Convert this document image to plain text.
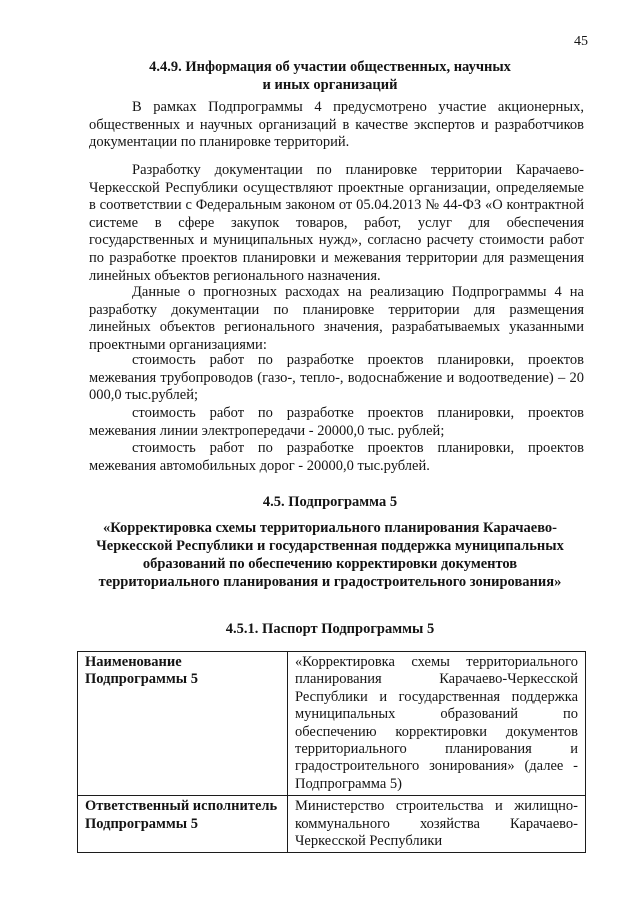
45
4.4.9. Информация об участии общественных, научных
и иных организаций

В рамках Подпрограммы 4 предусмотрено участие акционерных, общественных и научных организаций в качестве экспертов и разработчиков документации по планировке территорий.

Разработку документации по планировке территории Карачаево-Черкесской Республики осуществляют проектные организации, определяемые в соответствии с Федеральным законом от 05.04.2013 № 44-ФЗ «О контрактной системе в сфере закупок товаров, работ, услуг для обеспечения государственных и муниципальных нужд», согласно расчету стоимости работ по разработке проектов планировки и межевания территории для размещения линейных объектов регионального назначения.

Данные о прогнозных расходах на реализацию Подпрограммы 4 на разработку документации по планировке территории для размещения линейных объектов регионального значения, разрабатываемых указанными проектными организациями:

стоимость работ по разработке проектов планировки, проектов межевания трубопроводов (газо-, тепло-, водоснабжение и водоотведение) – 20 000,0 тыс.рублей;

стоимость работ по разработке проектов планировки, проектов межевания линии электропередачи - 20000,0 тыс. рублей;

стоимость работ по разработке проектов планировки, проектов межевания автомобильных дорог - 20000,0 тыс.рублей.

4.5. Подпрограмма 5
«Корректировка схемы территориального планирования Карачаево-Черкесской Республики и государственная поддержка муниципальных образований по обеспечению корректировки документов территориального планирования и градостроительного зонирования»
4.5.1. Паспорт Подпрограммы 5
Наименование Подпрограммы 5	«Корректировка схемы территориального планирования Карачаево-Черкесской Республики и государственная поддержка муниципальных образований по обеспечению корректировки документов территориального планирования и градостроительного зонирования» (далее - Подпрограмма 5)
Ответственный исполнитель Подпрограммы 5	Министерство строительства и жилищно-коммунального хозяйства Карачаево-Черкесской Республики
